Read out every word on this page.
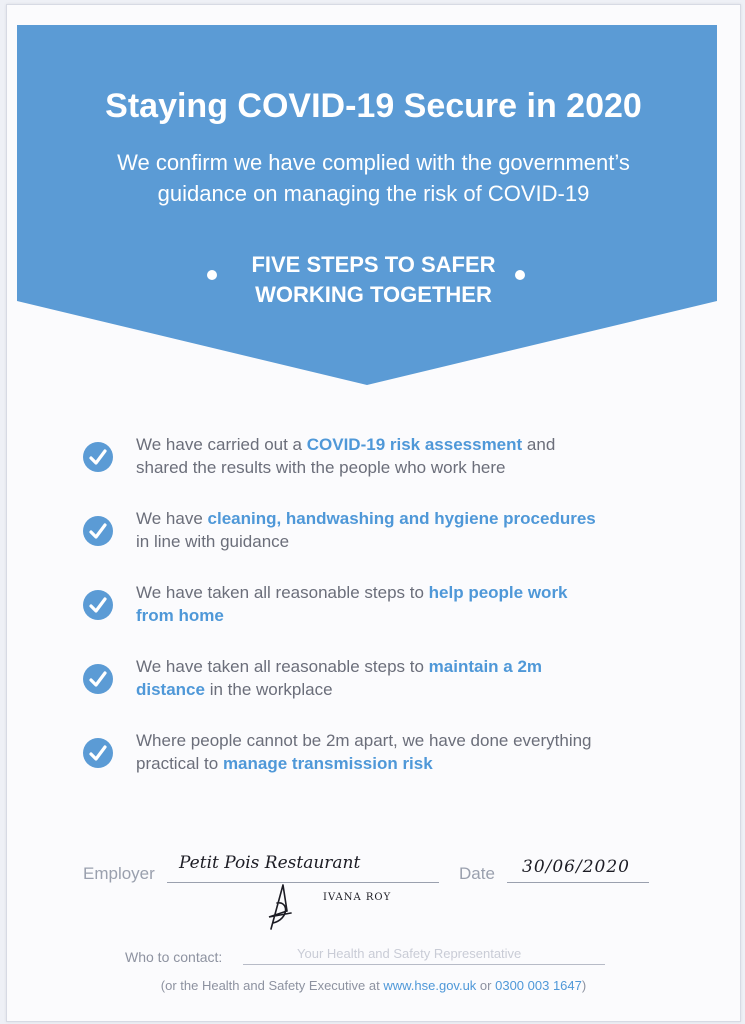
Staying COVID-19 Secure in 2020
We confirm we have complied with the government’s
guidance on managing the risk of COVID-19
FIVE STEPS TO SAFER
WORKING TOGETHER
We have carried out a COVID-19 risk assessment and
shared the results with the people who work here
We have cleaning, handwashing and hygiene procedures
in line with guidance
We have taken all reasonable steps to help people work
from home
We have taken all reasonable steps to maintain a 2m
distance in the workplace
Where people cannot be 2m apart, we have done everything
practical to manage transmission risk
Employer
Petit Pois Restaurant
Date 30/06/2020
IVANA ROY
Who to contact:	Your Health and Safety Representative
(or the Health and Safety Executive at www.hse.gov.uk or 0300 003 1647)
